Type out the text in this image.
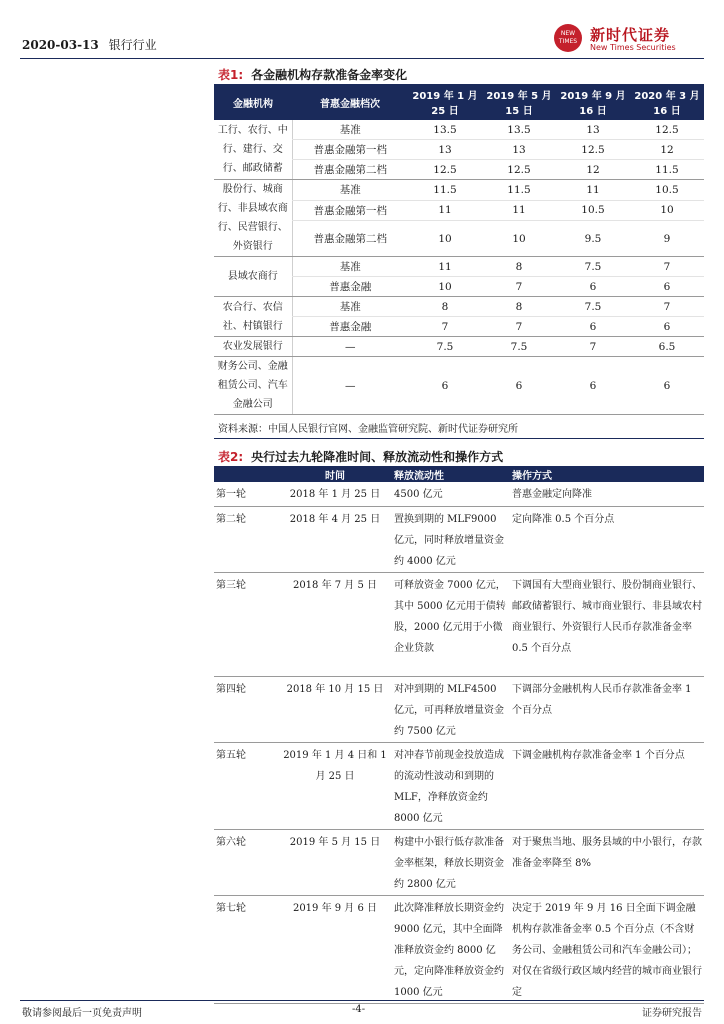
2020-03-13 银行行业
NEW TIMES 新时代证券
New Times Securities
表1: 各金融机构存款准备金率变化
金融机构	普惠金融档次	2019 年 1 月 25 日	2019 年 5 月 15 日	2019 年 9 月 16 日	2020 年 3 月 16 日
工行、农行、中行、建行、交行、邮政储蓄	基准	13.5	13.5	13	12.5
	普惠金融第一档	13	13	12.5	12
	普惠金融第二档	12.5	12.5	12	11.5
股份行、城商行、非县域农商行、民营银行、外资银行	基准	11.5	11.5	11	10.5
	普惠金融第一档	11	11	10.5	10
	普惠金融第二档	10	10	9.5	9
县域农商行	基准	11	8	7.5	7
	普惠金融	10	7	6	6
农合行、农信社、村镇银行	基准	8	8	7.5	7
	普惠金融	7	7	6	6
农业发展银行	—	7.5	7.5	7	6.5
财务公司、金融租赁公司、汽车金融公司	—	6	6	6	6
资料来源：中国人民银行官网、金融监管研究院、新时代证券研究所
表2: 央行过去九轮降准时间、释放流动性和操作方式
	时间	释放流动性	操作方式
第一轮	2018 年 1 月 25 日	4500 亿元	普惠金融定向降准
第二轮	2018 年 4 月 25 日	置换到期的 MLF9000 亿元，同时释放增量资金约 4000 亿元	定向降准 0.5 个百分点
第三轮	2018 年 7 月 5 日	可释放资金 7000 亿元，其中 5000 亿元用于债转股，2000 亿元用于小微企业贷款	下调国有大型商业银行、股份制商业银行、邮政储蓄银行、城市商业银行、非县域农村商业银行、外资银行人民币存款准备金率 0.5 个百分点
第四轮	2018 年 10 月 15 日	对冲到期的 MLF4500 亿元，可再释放增量资金约 7500 亿元	下调部分金融机构人民币存款准备金率 1 个百分点
第五轮	2019 年 1 月 4 日和 1 月 25 日	对冲春节前现金投放造成的流动性波动和到期的 MLF，净释放资金约 8000 亿元	下调金融机构存款准备金率 1 个百分点
第六轮	2019 年 5 月 15 日	构建中小银行低存款准备金率框架，释放长期资金约 2800 亿元	对于聚焦当地、服务县域的中小银行，存款准备金率降至 8%
第七轮	2019 年 9 月 6 日	此次降准释放长期资金约 9000 亿元，其中全面降准释放资金约 8000 亿元，定向降准释放资金约 1000 亿元	决定于 2019 年 9 月 16 日全面下调金融机构存款准备金率 0.5 个百分点（不含财务公司、金融租赁公司和汽车金融公司）；对仅在省级行政区域内经营的城市商业银行定
敬请参阅最后一页免责声明	-4-	证券研究报告
